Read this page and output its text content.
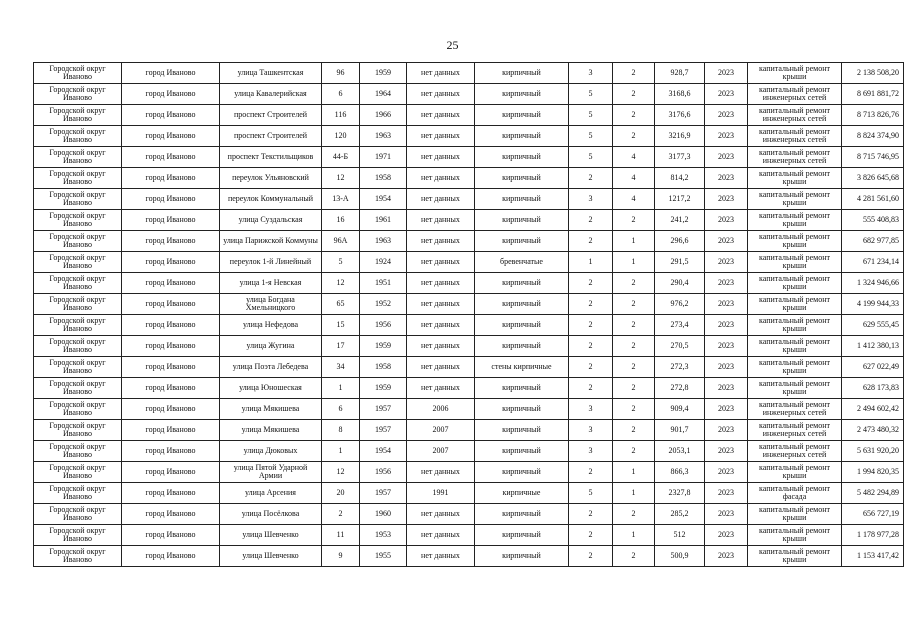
25
Городской округ Иваново	город Иваново	улица Ташкентская	96	1959	нет данных	кирпичный	3	2	928,7	2023	капитальный ремонт крыши	2 138 508,20
Городской округ Иваново	город Иваново	улица Кавалерийская	6	1964	нет данных	кирпичный	5	2	3168,6	2023	капитальный ремонт инженерных сетей	8 691 881,72
Городской округ Иваново	город Иваново	проспект Строителей	116	1966	нет данных	кирпичный	5	2	3176,6	2023	капитальный ремонт инженерных сетей	8 713 826,76
Городской округ Иваново	город Иваново	проспект Строителей	120	1963	нет данных	кирпичный	5	2	3216,9	2023	капитальный ремонт инженерных сетей	8 824 374,90
Городской округ Иваново	город Иваново	проспект Текстильщиков	44-Б	1971	нет данных	кирпичный	5	4	3177,3	2023	капитальный ремонт инженерных сетей	8 715 746,95
Городской округ Иваново	город Иваново	переулок Ульяновский	12	1958	нет данных	кирпичный	2	4	814,2	2023	капитальный ремонт крыши	3 826 645,68
Городской округ Иваново	город Иваново	переулок Коммунальный	13-А	1954	нет данных	кирпичный	3	4	1217,2	2023	капитальный ремонт крыши	4 281 561,60
Городской округ Иваново	город Иваново	улица Суздальская	16	1961	нет данных	кирпичный	2	2	241,2	2023	капитальный ремонт крыши	555 408,83
Городской округ Иваново	город Иваново	улица Парижской Коммуны	96А	1963	нет данных	кирпичный	2	1	296,6	2023	капитальный ремонт крыши	682 977,85
Городской округ Иваново	город Иваново	переулок 1-й Линейный	5	1924	нет данных	бревенчатые	1	1	291,5	2023	капитальный ремонт крыши	671 234,14
Городской округ Иваново	город Иваново	улица 1-я Невская	12	1951	нет данных	кирпичный	2	2	290,4	2023	капитальный ремонт крыши	1 324 946,66
Городской округ Иваново	город Иваново	улица Богдана Хмельницкого	65	1952	нет данных	кирпичный	2	2	976,2	2023	капитальный ремонт крыши	4 199 944,33
Городской округ Иваново	город Иваново	улица Нефедова	15	1956	нет данных	кирпичный	2	2	273,4	2023	капитальный ремонт крыши	629 555,45
Городской округ Иваново	город Иваново	улица Жугина	17	1959	нет данных	кирпичный	2	2	270,5	2023	капитальный ремонт крыши	1 412 380,13
Городской округ Иваново	город Иваново	улица Поэта Лебедева	34	1958	нет данных	стены кирпичные	2	2	272,3	2023	капитальный ремонт крыши	627 022,49
Городской округ Иваново	город Иваново	улица Юношеская	1	1959	нет данных	кирпичный	2	2	272,8	2023	капитальный ремонт крыши	628 173,83
Городской округ Иваново	город Иваново	улица Мякишева	6	1957	2006	кирпичный	3	2	909,4	2023	капитальный ремонт инженерных сетей	2 494 602,42
Городской округ Иваново	город Иваново	улица Мякишева	8	1957	2007	кирпичный	3	2	901,7	2023	капитальный ремонт инженерных сетей	2 473 480,32
Городской округ Иваново	город Иваново	улица Дюковых	1	1954	2007	кирпичный	3	2	2053,1	2023	капитальный ремонт инженерных сетей	5 631 920,20
Городской округ Иваново	город Иваново	улица Пятой Ударной Армии	12	1956	нет данных	кирпичный	2	1	866,3	2023	капитальный ремонт крыши	1 994 820,35
Городской округ Иваново	город Иваново	улица Арсения	20	1957	1991	кирпичные	5	1	2327,8	2023	капитальный ремонт фасада	5 482 294,89
Городской округ Иваново	город Иваново	улица Посёлкова	2	1960	нет данных	кирпичный	2	2	285,2	2023	капитальный ремонт крыши	656 727,19
Городской округ Иваново	город Иваново	улица Шевченко	11	1953	нет данных	кирпичный	2	1	512	2023	капитальный ремонт крыши	1 178 977,28
Городской округ Иваново	город Иваново	улица Шевченко	9	1955	нет данных	кирпичный	2	2	500,9	2023	капитальный ремонт крыши	1 153 417,42
